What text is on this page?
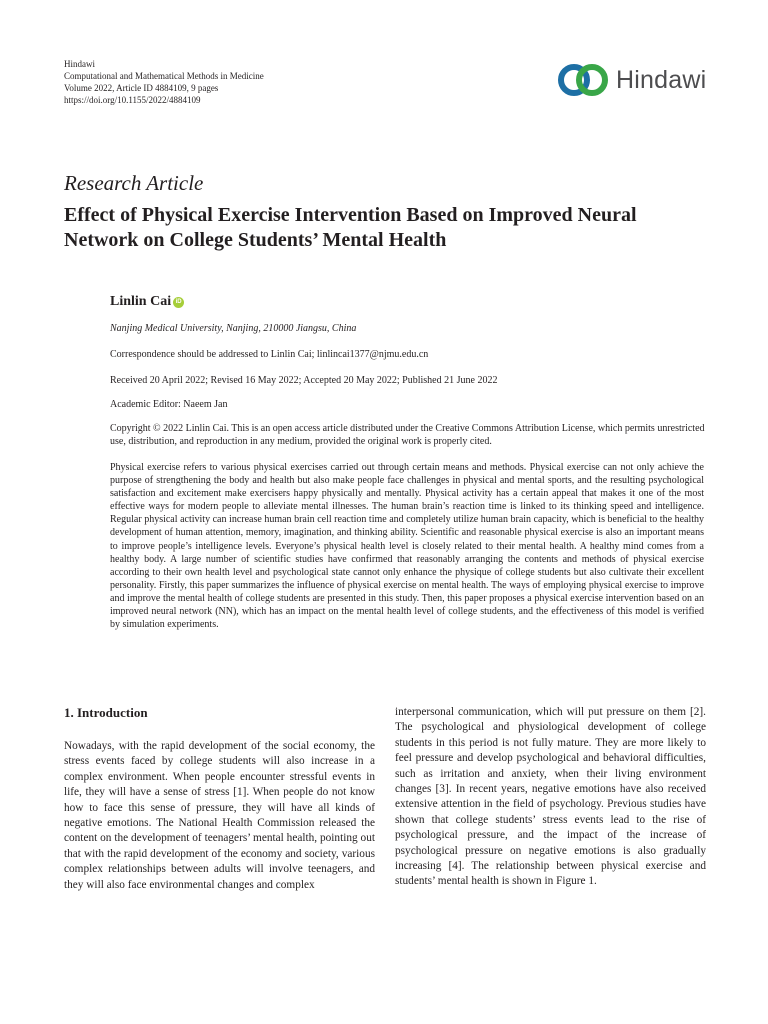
Hindawi
Computational and Mathematical Methods in Medicine
Volume 2022, Article ID 4884109, 9 pages
https://doi.org/10.1155/2022/4884109
Hindawi
Research Article
Effect of Physical Exercise Intervention Based on Improved Neural Network on College Students’ Mental Health
Linlin Cai iD
Nanjing Medical University, Nanjing, 210000 Jiangsu, China
Correspondence should be addressed to Linlin Cai; linlincai1377@njmu.edu.cn
Received 20 April 2022; Revised 16 May 2022; Accepted 20 May 2022; Published 21 June 2022
Academic Editor: Naeem Jan
Copyright © 2022 Linlin Cai. This is an open access article distributed under the Creative Commons Attribution License, which permits unrestricted use, distribution, and reproduction in any medium, provided the original work is properly cited.

Physical exercise refers to various physical exercises carried out through certain means and methods. Physical exercise can not only achieve the purpose of strengthening the body and health but also make people face challenges in physical and mental sports, and the resulting psychological satisfaction and excitement make exercisers happy physically and mentally. Physical activity has a certain appeal that makes it one of the most effective ways for modern people to alleviate mental illnesses. The human brain’s reaction time is linked to its thinking speed and intelligence. Regular physical activity can increase human brain cell reaction time and completely utilize human brain capacity, which is beneficial to the healthy development of human attention, memory, imagination, and thinking ability. Scientific and reasonable physical exercise is also an important means to improve people’s intelligence levels. Everyone’s physical health level is closely related to their mental health. A healthy mind comes from a healthy body. A large number of scientific studies have confirmed that reasonably arranging the contents and methods of physical exercise according to their own health level and psychological state cannot only enhance the physique of college students but also cultivate their excellent personality. Firstly, this paper summarizes the influence of physical exercise on mental health. The ways of employing physical exercise to improve and improve the mental health of college students are presented in this study. Then, this paper proposes a physical exercise intervention based on an improved neural network (NN), which has an impact on the mental health level of college students, and the effectiveness of this model is verified by simulation experiments.

1. Introduction

Nowadays, with the rapid development of the social economy, the stress events faced by college students will also increase in a complex environment. When people encounter stressful events in life, they will have a sense of stress [1]. When people do not know how to face this sense of pressure, they will have all kinds of negative emotions. The National Health Commission released the content on the development of teenagers’ mental health, pointing out that with the rapid development of the economy and society, various complex relationships between adults will involve teenagers, and they will also face environmental changes and complex

interpersonal communication, which will put pressure on them [2]. The psychological and physiological development of college students in this period is not fully mature. They are more likely to feel pressure and develop psychological and behavioral difficulties, such as irritation and anxiety, when their living environment changes [3]. In recent years, negative emotions have also received extensive attention in the field of psychology. Previous studies have shown that college students’ stress events lead to the rise of psychological pressure, and the impact of the increase of psychological pressure on negative emotions is also gradually increasing [4]. The relationship between physical exercise and students’ mental health is shown in Figure 1.
